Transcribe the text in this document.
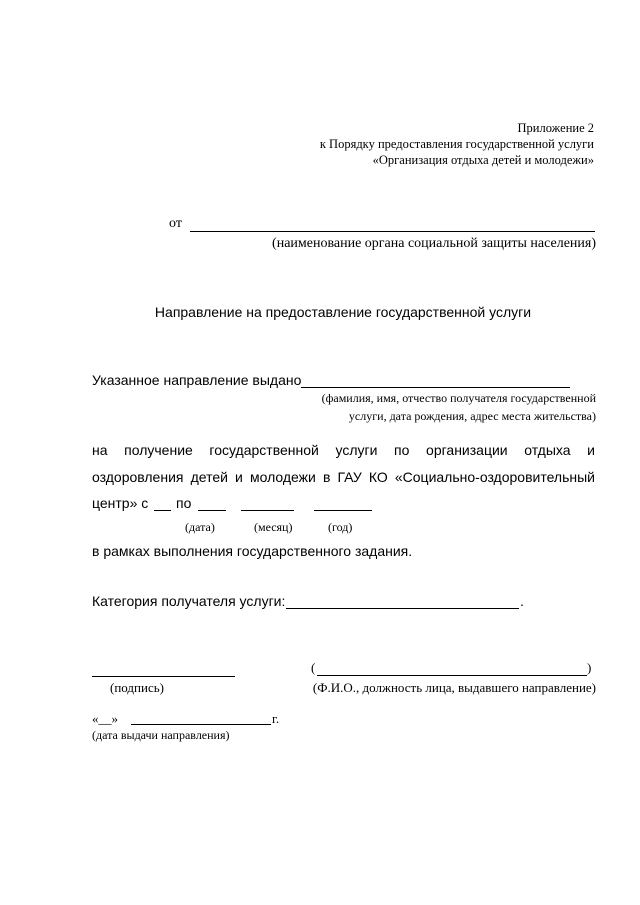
Приложение 2
к Порядку предоставления государственной услуги
«Организация отдыха детей и молодежи»
от
(наименование органа социальной защиты населения)
Направление на предоставление государственной услуги
Указанное направление выдано
(фамилия, имя, отчество получателя государственной
услуги, дата рождения, адрес места жительства)
на получение государственной услуги по организации отдыха и
оздоровления детей и молодежи в ГАУ КО «Социально-оздоровительный
центр» с по
(дата)	(месяц)	(год)
в рамках выполнения государственного задания.
Категория получателя услуги:	.
(	)
(подпись)	(Ф.И.О., должность лица, выдавшего направление)
«__»	г.
(дата выдачи направления)
